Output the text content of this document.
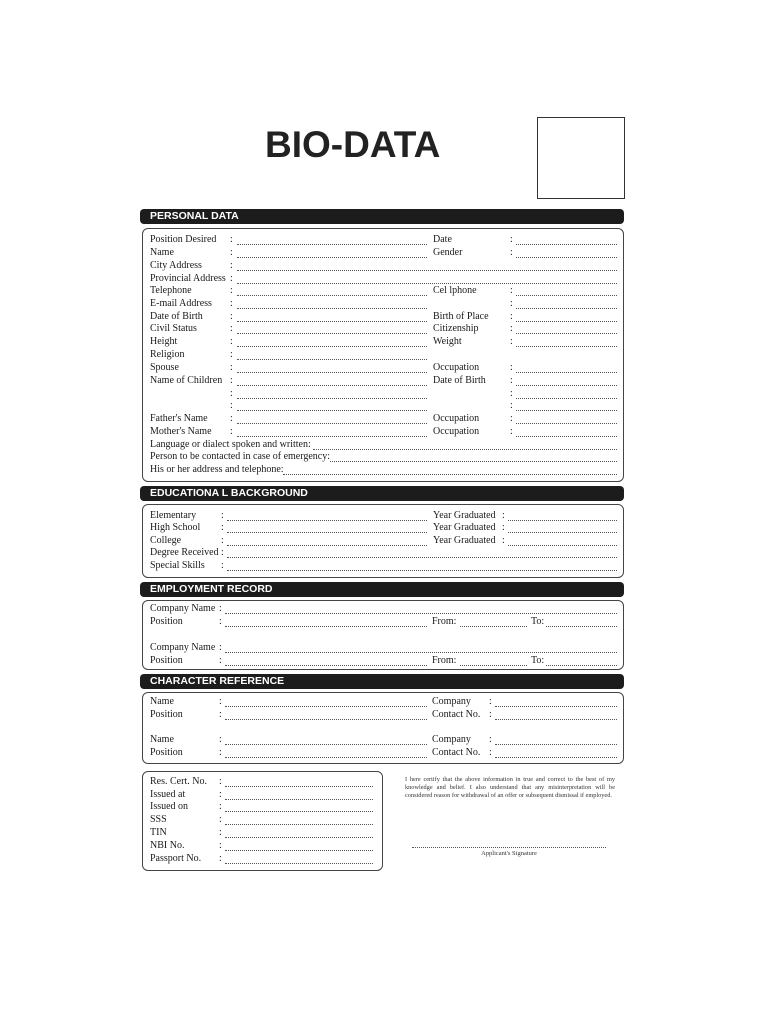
BIO-DATA
PERSONAL DATA
Position Desired
Name
City Address
Provincial Address
Telephone
E-mail Address
Date of Birth
Civil Status
Height
Religion
Spouse
Name of Children
Father's Name
Mother's Name
:
:
:
:
:
:
:
:
:
:
:
:
:
:
:
:
Date
Gender
Cel lphone
Birth of Place
Citizenship
Weight
Occupation
Date of Birth
Occupation
Occupation
:
:
:
:
:
:
:
:
:
:
:
:
:
Language or dialect spoken and written:
Person to be contacted in case of emergency:
His or her address and telephone:
EDUCATIONA L BACKGROUND
Elementary
High School
College
Degree Received
Special Skills
:
:
:
:
:
Year Graduated
Year Graduated
Year Graduated
:
:
:
EMPLOYMENT RECORD
Company Name
Position
Company Name
Position
:
:
:
:
From:	To:
From:	To:
CHARACTER REFERENCE
Name
Position
Name
Position
:
:
:
:
Company
Contact No.
Company
Contact No.
:
:
:
:
Res. Cert. No.
Issued at
Issued on
SSS
TIN
NBI No.
Passport No.
:
:
:
:
:
:
:
I here certify that the above information in true and correct to the best of my knowledge and belief. I also understand that any misinterpretation will be considered reason for withdrawal of an offer or subsequent dismissal if employed.
Applicant's Signature
